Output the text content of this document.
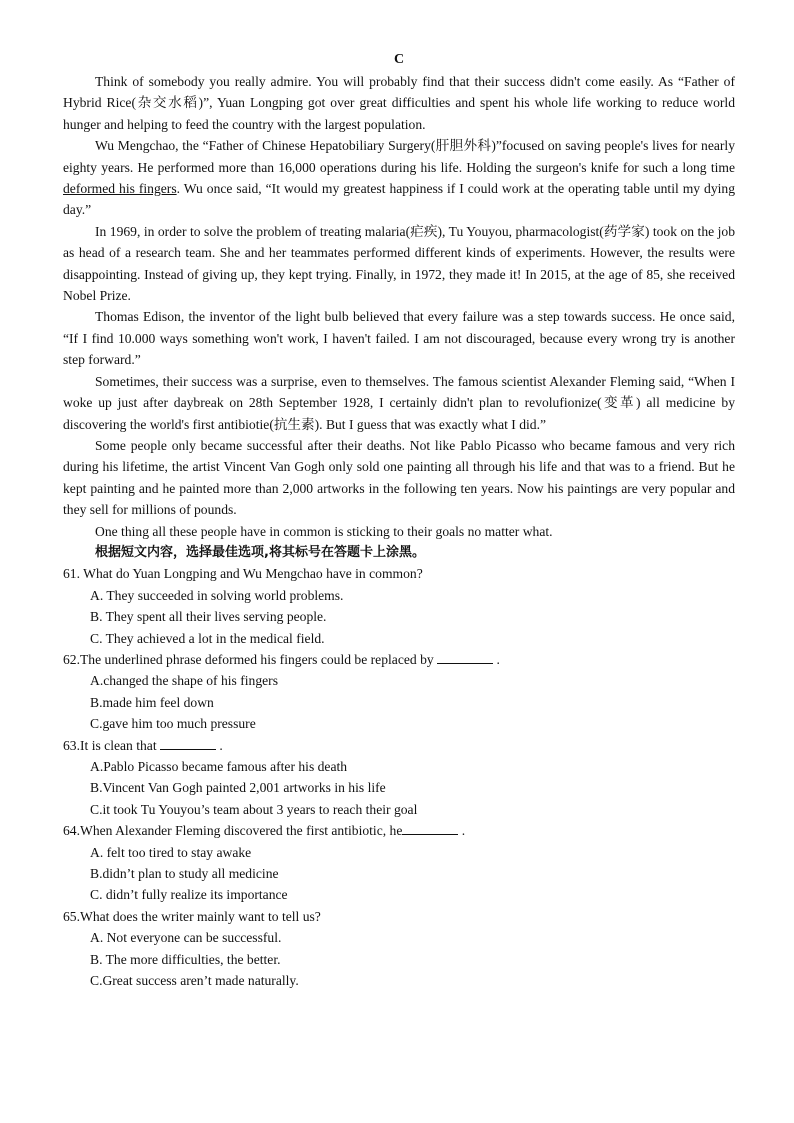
C

Think of somebody you really admire. You will probably find that their success didn't come easily. As “Father of Hybrid Rice(杂交水稻)”, Yuan Longping got over great difficulties and spent his whole life working to reduce world hunger and helping to feed the country with the largest population.

Wu Mengchao, the “Father of Chinese Hepatobiliary Surgery(肝胆外科)”focused on saving people's lives for nearly eighty years. He performed more than 16,000 operations during his life. Holding the surgeon's knife for such a long time deformed his fingers. Wu once said, “It would my greatest happiness if I could work at the operating table until my dying day.”

In 1969, in order to solve the problem of treating malaria(疟疾), Tu Youyou, pharmacologist(药学家) took on the job as head of a research team. She and her teammates performed different kinds of experiments. However, the results were disappointing. Instead of giving up, they kept trying. Finally, in 1972, they made it! In 2015, at the age of 85, she received Nobel Prize.

Thomas Edison, the inventor of the light bulb believed that every failure was a step towards success. He once said, “If I find 10.000 ways something won't work, I haven't failed. I am not discouraged, because every wrong try is another step forward.”

Sometimes, their success was a surprise, even to themselves. The famous scientist Alexander Fleming said, “When I woke up just after daybreak on 28th September 1928, I certainly didn't plan to revolufionize(变革) all medicine by discovering the world's first antibiotie(抗生素). But I guess that was exactly what I did.”

Some people only became successful after their deaths. Not like Pablo Picasso who became famous and very rich during his lifetime, the artist Vincent Van Gogh only sold one painting all through his life and that was to a friend. But he kept painting and he painted more than 2,000 artworks in the following ten years. Now his paintings are very popular and they sell for millions of pounds.

One thing all these people have in common is sticking to their goals no matter what.

根据短文内容，选择最佳选项,将其标号在答题卡上涂黑。
61. What do Yuan Longping and Wu Mengchao have in common?
A. They succeeded in solving world problems.
B. They spent all their lives serving people.
C. They achieved a lot in the medical field.
62.The underlined phrase deformed his fingers could be replaced by	.
A.changed the shape of his fingers
B.made him feel down
C.gave him too much pressure
63.It is clean that	.
A.Pablo Picasso became famous after his death
B.Vincent Van Gogh painted 2,001 artworks in his life
C.it took Tu Youyou’s team about 3 years to reach their goal
64.When Alexander Fleming discovered the first antibiotic, he	.
A. felt too tired to stay awake
B.didn’t plan to study all medicine
C. didn’t fully realize its importance
65.What does the writer mainly want to tell us?
A. Not everyone can be successful.
B. The more difficulties, the better.
C.Great success aren’t made naturally.
